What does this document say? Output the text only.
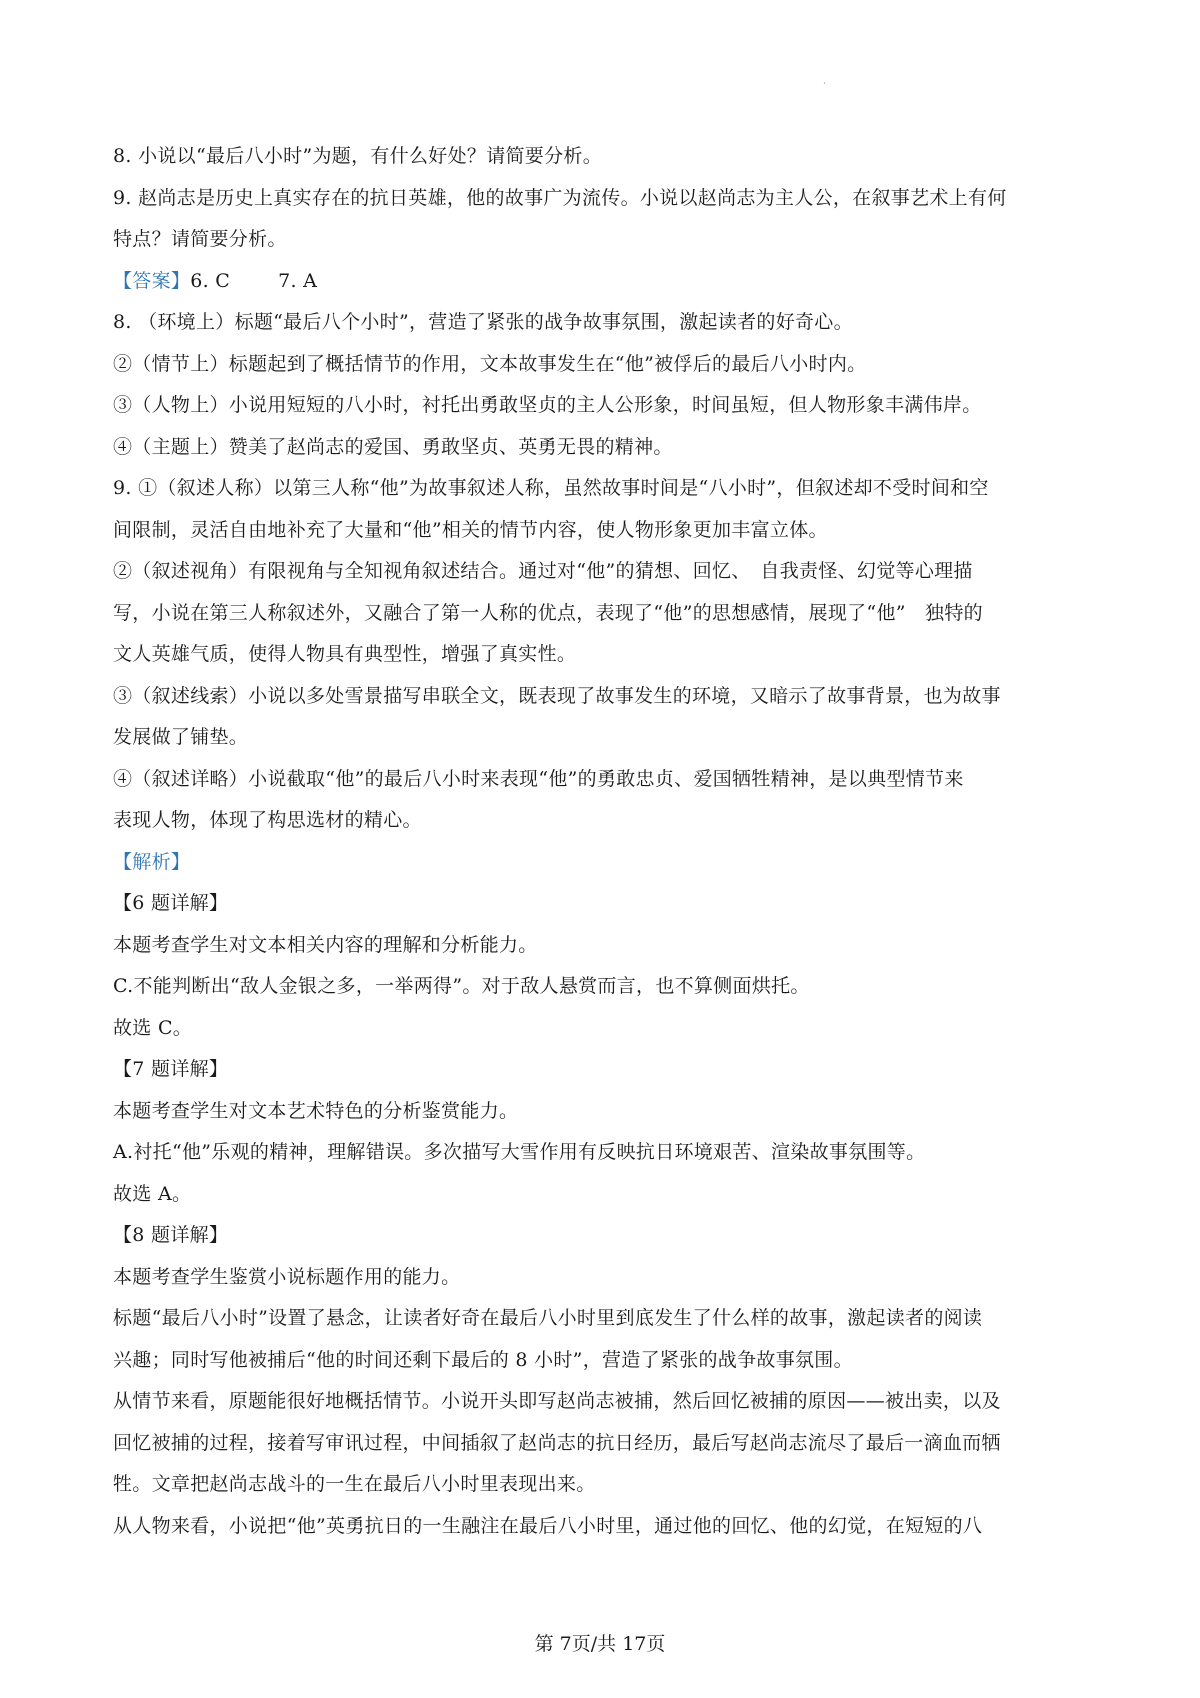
·
8. 小说以“最后八小时”为题，有什么好处？请简要分析。
9. 赵尚志是历史上真实存在的抗日英雄，他的故事广为流传。小说以赵尚志为主人公，在叙事艺术上有何
特点？请简要分析。
【答案】6. C	7. A
8. （环境上）标题“最后八个小时”，营造了紧张的战争故事氛围，激起读者的好奇心。
②（情节上）标题起到了概括情节的作用，文本故事发生在“他”被俘后的最后八小时内。
③（人物上）小说用短短的八小时，衬托出勇敢坚贞的主人公形象，时间虽短，但人物形象丰满伟岸。
④（主题上）赞美了赵尚志的爱国、勇敢坚贞、英勇无畏的精神。
9. ①（叙述人称）以第三人称“他”为故事叙述人称，虽然故事时间是“八小时”，但叙述却不受时间和空
间限制，灵活自由地补充了大量和“他”相关的情节内容，使人物形象更加丰富立体。
②（叙述视角）有限视角与全知视角叙述结合。通过对“他”的猜想、回忆、　自我责怪、幻觉等心理描
写，小说在第三人称叙述外，又融合了第一人称的优点，表现了“他”的思想感情，展现了“他”　独特的
文人英雄气质，使得人物具有典型性，增强了真实性。
③（叙述线索）小说以多处雪景描写串联全文，既表现了故事发生的环境，又暗示了故事背景，也为故事
发展做了铺垫。
④（叙述详略）小说截取“他”的最后八小时来表现“他”的勇敢忠贞、爱国牺牲精神，是以典型情节来
表现人物，体现了构思选材的精心。
【解析】
【6 题详解】
本题考查学生对文本相关内容的理解和分析能力。
C.不能判断出“敌人金银之多，一举两得”。对于敌人悬赏而言，也不算侧面烘托。
故选 C。
【7 题详解】
本题考查学生对文本艺术特色的分析鉴赏能力。
A.衬托“他”乐观的精神，理解错误。多次描写大雪作用有反映抗日环境艰苦、渲染故事氛围等。
故选 A。
【8 题详解】
本题考查学生鉴赏小说标题作用的能力。
标题“最后八小时”设置了悬念，让读者好奇在最后八小时里到底发生了什么样的故事，激起读者的阅读
兴趣；同时写他被捕后“他的时间还剩下最后的 8 小时”，营造了紧张的战争故事氛围。
从情节来看，原题能很好地概括情节。小说开头即写赵尚志被捕，然后回忆被捕的原因——被出卖，以及
回忆被捕的过程，接着写审讯过程，中间插叙了赵尚志的抗日经历，最后写赵尚志流尽了最后一滴血而牺
牲。文章把赵尚志战斗的一生在最后八小时里表现出来。
从人物来看，小说把“他”英勇抗日的一生融注在最后八小时里，通过他的回忆、他的幻觉，在短短的八
第 7页/共 17页
